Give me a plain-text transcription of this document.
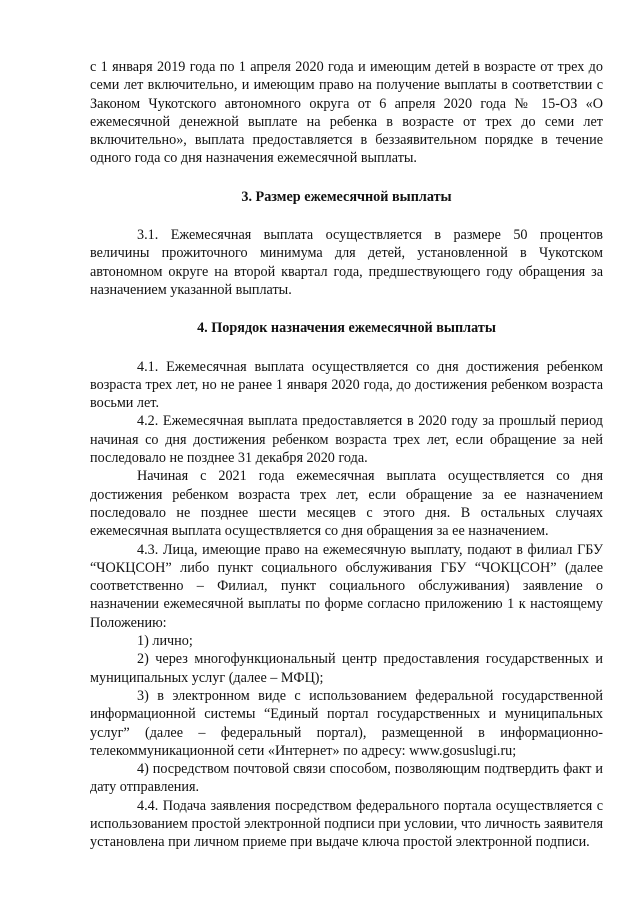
с 1 января 2019 года по 1 апреля 2020 года и имеющим детей в возрасте от трех до семи лет включительно, и имеющим право на получение выплаты в соответствии с Законом Чукотского автономного округа от 6 апреля 2020 года № 15-ОЗ «О ежемесячной денежной выплате на ребенка в возрасте от трех до семи лет включительно», выплата предоставляется в беззаявительном порядке в течение одного года со дня назначения ежемесячной выплаты.

3. Размер ежемесячной выплаты

3.1. Ежемесячная выплата осуществляется в размере 50 процентов величины прожиточного минимума для детей, установленной в Чукотском автономном округе на второй квартал года, предшествующего году обращения за назначением указанной выплаты.

4. Порядок назначения ежемесячной выплаты

4.1. Ежемесячная выплата осуществляется со дня достижения ребенком возраста трех лет, но не ранее 1 января 2020 года, до достижения ребенком возраста восьми лет.

4.2. Ежемесячная выплата предоставляется в 2020 году за прошлый период начиная со дня достижения ребенком возраста трех лет, если обращение за ней последовало не позднее 31 декабря 2020 года.

Начиная с 2021 года ежемесячная выплата осуществляется со дня достижения ребенком возраста трех лет, если обращение за ее назначением последовало не позднее шести месяцев с этого дня. В остальных случаях ежемесячная выплата осуществляется со дня обращения за ее назначением.

4.3. Лица, имеющие право на ежемесячную выплату, подают в филиал ГБУ “ЧОКЦСОН” либо пункт социального обслуживания ГБУ “ЧОКЦСОН” (далее соответственно – Филиал, пункт социального обслуживания) заявление о назначении ежемесячной выплаты по форме согласно приложению 1 к настоящему Положению:

1) лично;

2) через многофункциональный центр предоставления государственных и муниципальных услуг (далее – МФЦ);

3) в электронном виде с использованием федеральной государственной информационной системы “Единый портал государственных и муниципальных услуг” (далее – федеральный портал), размещенной в информационно-телекоммуникационной сети «Интернет» по адресу: www.gosuslugi.ru;

4) посредством почтовой связи способом, позволяющим подтвердить факт и дату отправления.

4.4. Подача заявления посредством федерального портала осуществляется с использованием простой электронной подписи при условии, что личность заявителя установлена при личном приеме при выдаче ключа простой электронной подписи.
